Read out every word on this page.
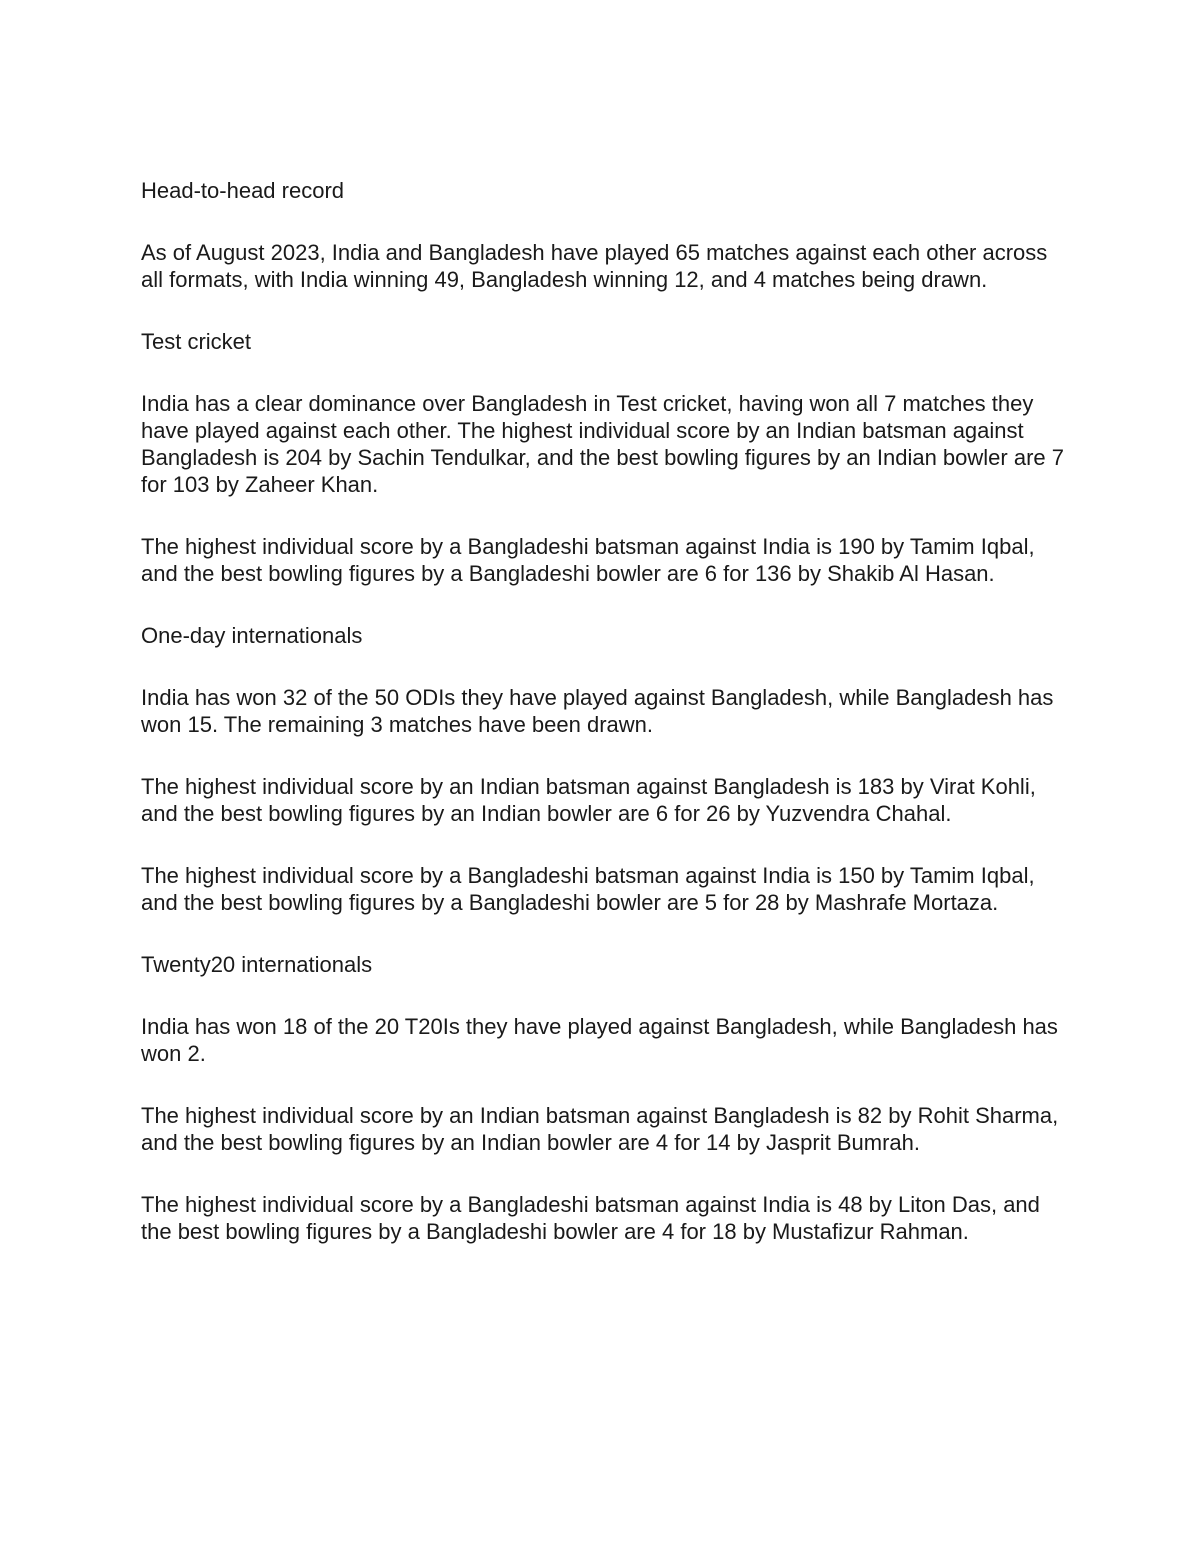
Head-to-head record

As of August 2023, India and Bangladesh have played 65 matches against each other across all formats, with India winning 49, Bangladesh winning 12, and 4 matches being drawn.

Test cricket

India has a clear dominance over Bangladesh in Test cricket, having won all 7 matches they have played against each other. The highest individual score by an Indian batsman against Bangladesh is 204 by Sachin Tendulkar, and the best bowling figures by an Indian bowler are 7 for 103 by Zaheer Khan.

The highest individual score by a Bangladeshi batsman against India is 190 by Tamim Iqbal, and the best bowling figures by a Bangladeshi bowler are 6 for 136 by Shakib Al Hasan.

One-day internationals

India has won 32 of the 50 ODIs they have played against Bangladesh, while Bangladesh has won 15. The remaining 3 matches have been drawn.

The highest individual score by an Indian batsman against Bangladesh is 183 by Virat Kohli, and the best bowling figures by an Indian bowler are 6 for 26 by Yuzvendra Chahal.

The highest individual score by a Bangladeshi batsman against India is 150 by Tamim Iqbal, and the best bowling figures by a Bangladeshi bowler are 5 for 28 by Mashrafe Mortaza.

Twenty20 internationals

India has won 18 of the 20 T20Is they have played against Bangladesh, while Bangladesh has won 2.

The highest individual score by an Indian batsman against Bangladesh is 82 by Rohit Sharma, and the best bowling figures by an Indian bowler are 4 for 14 by Jasprit Bumrah.

The highest individual score by a Bangladeshi batsman against India is 48 by Liton Das, and the best bowling figures by a Bangladeshi bowler are 4 for 18 by Mustafizur Rahman.
